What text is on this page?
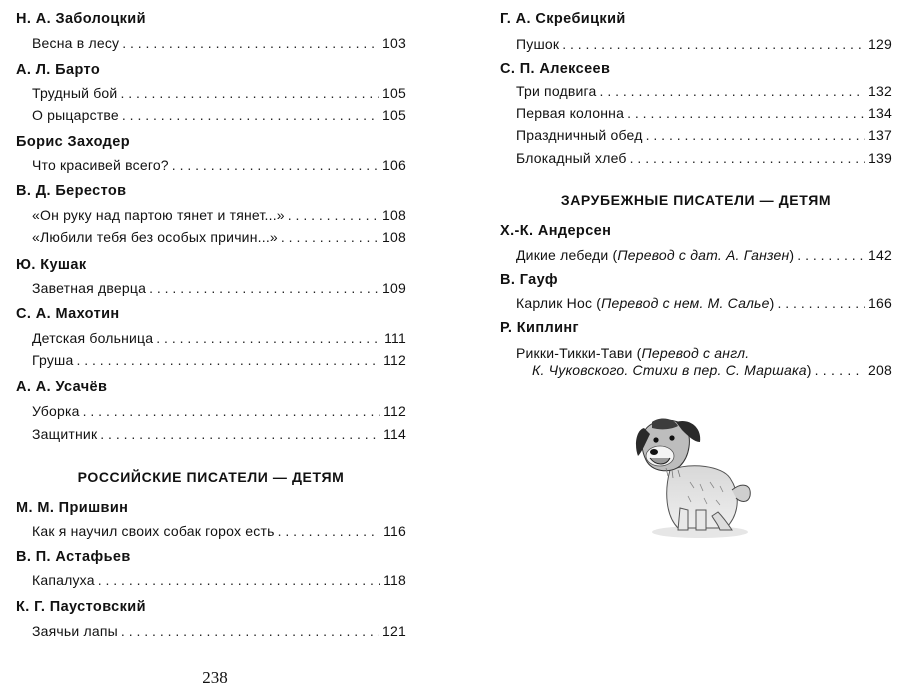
Н. А. Заболоцкий
Весна в лесу . . .	103
А. Л. Барто
Трудный бой . . .	105
О рыцарстве . . .	105
Борис Заходер
Что красивей всего? . . .	106
В. Д. Берестов
«Он руку над партою тянет и тянет...» . . .	108
«Любили тебя без особых причин...» . . .	108
Ю. Кушак
Заветная дверца . . .	109
С. А. Махотин
Детская больница . . .	111
Груша . . .	112
А. А. Усачёв
Уборка . . .	112
Защитник . . .	114
РОССИЙСКИЕ ПИСАТЕЛИ — ДЕТЯМ
М. М. Пришвин
Как я научил своих собак горох есть . . .	116
В. П. Астафьев
Капалуха . . .	118
К. Г. Паустовский
Заячьи лапы . . .	121
Г. А. Скребицкий
Пушок . . .	129
С. П. Алексеев
Три подвига . . .	132
Первая колонна . . .	134
Праздничный обед . . .	137
Блокадный хлеб . . .	139
ЗАРУБЕЖНЫЕ ПИСАТЕЛИ — ДЕТЯМ
Х.-К. Андерсен
Дикие лебеди (Перевод с дат. А. Ганзен) . . .	142
В. Гауф
Карлик Нос (Перевод с нем. М. Салье) . . .	166
Р. Киплинг
Рикки-Тикки-Тави (Перевод с англ.
К. Чуковского. Стихи в пер. С. Маршака ) . . .	208
238
